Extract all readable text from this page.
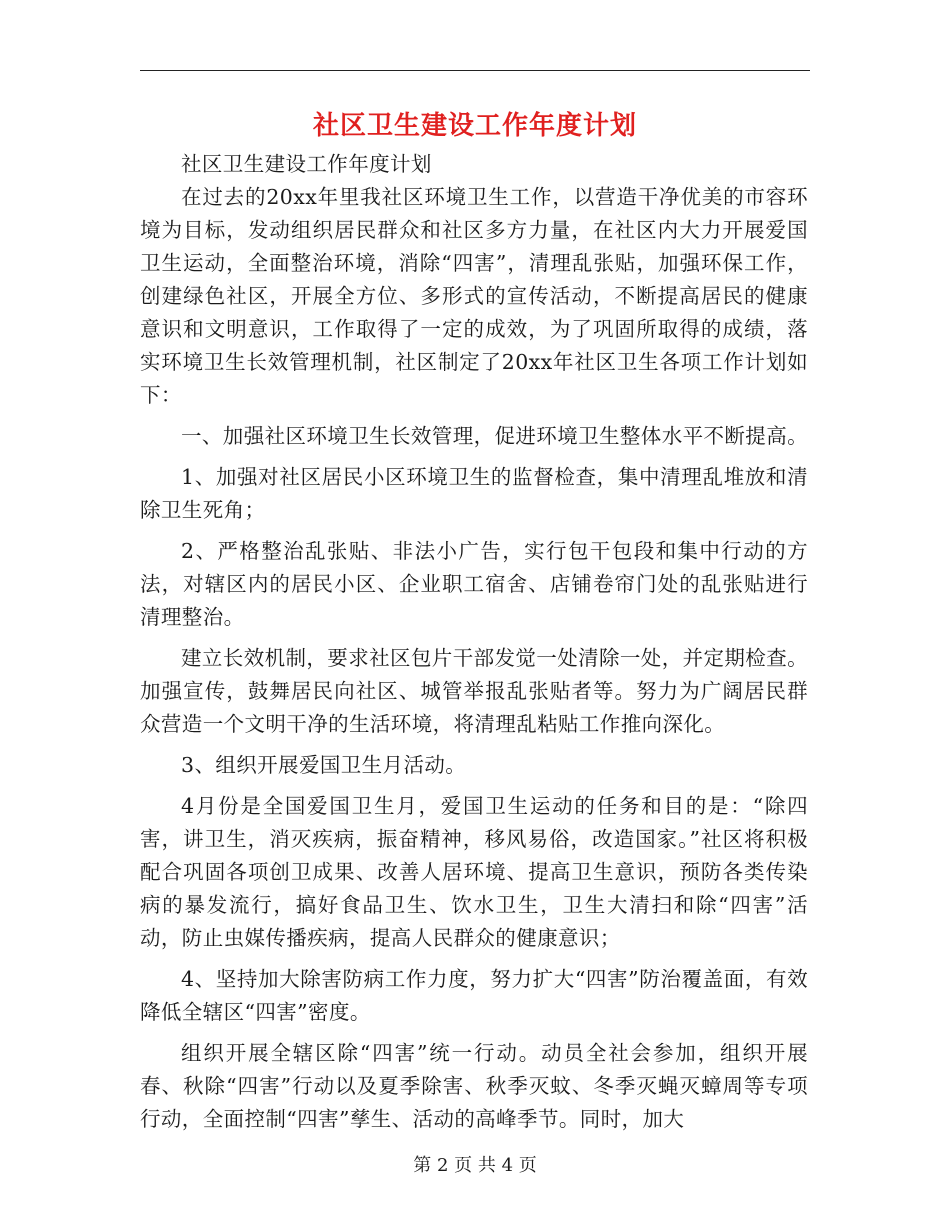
社区卫生建设工作年度计划

社区卫生建设工作年度计划

在过去的20xx年里我社区环境卫生工作，以营造干净优美的市容环境为目标，发动组织居民群众和社区多方力量，在社区内大力开展爱国卫生运动，全面整治环境，消除“四害”，清理乱张贴，加强环保工作，创建绿色社区，开展全方位、多形式的宣传活动，不断提高居民的健康意识和文明意识，工作取得了一定的成效，为了巩固所取得的成绩，落实环境卫生长效管理机制，社区制定了20xx年社区卫生各项工作计划如下：

一、加强社区环境卫生长效管理，促进环境卫生整体水平不断提高。

1、加强对社区居民小区环境卫生的监督检查，集中清理乱堆放和清除卫生死角；

2、严格整治乱张贴、非法小广告，实行包干包段和集中行动的方法，对辖区内的居民小区、企业职工宿舍、店铺卷帘门处的乱张贴进行清理整治。

建立长效机制，要求社区包片干部发觉一处清除一处，并定期检查。加强宣传，鼓舞居民向社区、城管举报乱张贴者等。努力为广阔居民群众营造一个文明干净的生活环境，将清理乱粘贴工作推向深化。

3、组织开展爱国卫生月活动。

4月份是全国爱国卫生月，爱国卫生运动的任务和目的是：“除四害，讲卫生，消灭疾病，振奋精神，移风易俗，改造国家。”社区将积极配合巩固各项创卫成果、改善人居环境、提高卫生意识，预防各类传染病的暴发流行，搞好食品卫生、饮水卫生，卫生大清扫和除“四害”活动，防止虫媒传播疾病，提高人民群众的健康意识；

4、坚持加大除害防病工作力度，努力扩大“四害”防治覆盖面，有效降低全辖区“四害”密度。

组织开展全辖区除“四害”统一行动。动员全社会参加，组织开展春、秋除“四害”行动以及夏季除害、秋季灭蚊、冬季灭蝇灭蟑周等专项行动，全面控制“四害”孳生、活动的高峰季节。同时，加大

第 2 页 共 4 页
